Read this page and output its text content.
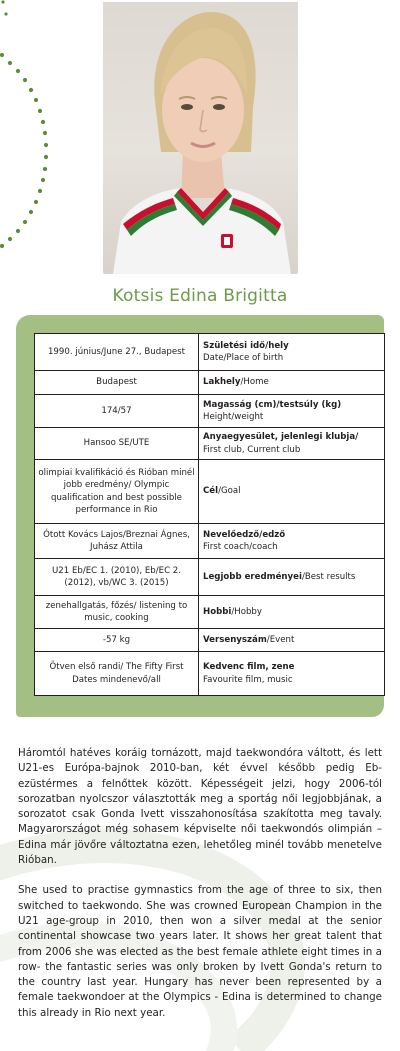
Kotsis Edina Brigitta
1990. június/June 27., Budapest	Születési idő/hely
Date/Place of birth
Budapest	Lakhely/Home
174/57	Magasság (cm)/testsúly (kg)
Height/weight
Hansoo SE/UTE	Anyaegyesület, jelenlegi klubja/
First club, Current club
olimpiai kvalifikáció és Rióban minél jobb eredmény/ Olympic qualification and best possible performance in Rio	Cél/Goal
Ótott Kovács Lajos/Breznai Ágnes, Juhász Attila	Nevelőedző/edző
First coach/coach
U21 Eb/EC 1. (2010), Eb/EC 2. (2012), vb/WC 3. (2015)	Legjobb eredményei/Best results
zenehallgatás, főzés/ listening to music, cooking	Hobbi/Hobby
-57 kg	Versenyszám/Event
Ötven első randi/ The Fifty First Dates mindenevő/all	Kedvenc film, zene
Favourite film, music

Háromtól hatéves koráig tornázott, majd taekwondóra váltott, és lett U21-es Európa-bajnok 2010-ban, két évvel később pedig Eb-ezüstérmes a felnőttek között. Képességeit jelzi, hogy 2006-tól sorozatban nyolcszor választották meg a sportág női legjobbjának, a sorozatot csak Gonda Ivett visszahonosítása szakította meg tavaly. Magyarországot még sohasem képviselte női taekwondós olimpián – Edina már jövőre változtatna ezen, lehetőleg minél tovább menetelve Rióban.

She used to practise gymnastics from the age of three to six, then switched to taekwondo. She was crowned European Champion in the U21 age-group in 2010, then won a silver medal at the senior continental showcase two years later. It shows her great talent that from 2006 she was elected as the best female athlete eight times in a row- the fantastic series was only broken by Ivett Gonda's return to the country last year. Hungary has never been represented by a female taekwondoer at the Olympics - Edina is determined to change this already in Rio next year.
